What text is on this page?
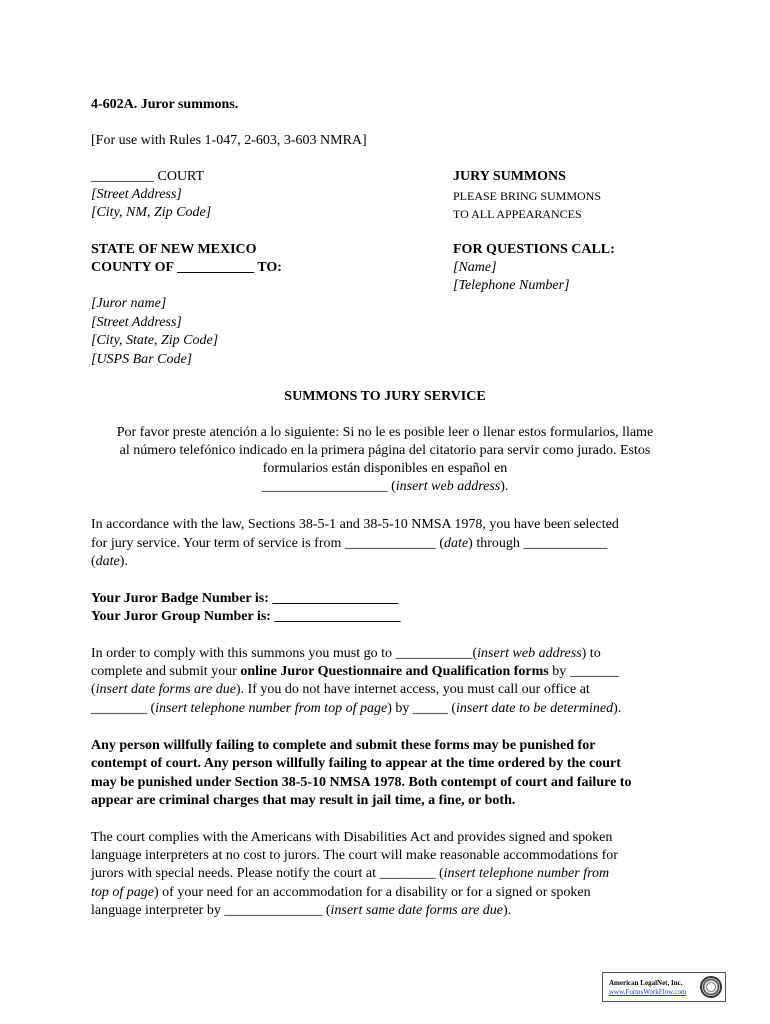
4-602A. Juror summons.
[For use with Rules 1-047, 2-603, 3-603 NMRA]
_________ COURT
[Street Address]
[City, NM, Zip Code]
JURY SUMMONS
PLEASE BRING SUMMONS
TO ALL APPEARANCES
STATE OF NEW MEXICO
COUNTY OF ___________ TO:
FOR QUESTIONS CALL:
[Name]
[Telephone Number]
[Juror name]
[Street Address]
[City, State, Zip Code]
[USPS Bar Code]
SUMMONS TO JURY SERVICE
Por favor preste atención a lo siguiente: Si no le es posible leer o llenar estos formularios, llame
al número telefónico indicado en la primera página del citatorio para servir como jurado. Estos
formularios están disponibles en español en
__________________ (insert web address).
In accordance with the law, Sections 38-5-1 and 38-5-10 NMSA 1978, you have been selected
for jury service. Your term of service is from _____________ (date) through ____________
(date).
Your Juror Badge Number is: __________________
Your Juror Group Number is: __________________
In order to comply with this summons you must go to ___________(insert web address) to
complete and submit your online Juror Questionnaire and Qualification forms by _______
(insert date forms are due). If you do not have internet access, you must call our office at
________ (insert telephone number from top of page) by _____ (insert date to be determined).
Any person willfully failing to complete and submit these forms may be punished for
contempt of court. Any person willfully failing to appear at the time ordered by the court
may be punished under Section 38-5-10 NMSA 1978. Both contempt of court and failure to
appear are criminal charges that may result in jail time, a fine, or both.
The court complies with the Americans with Disabilities Act and provides signed and spoken
language interpreters at no cost to jurors. The court will make reasonable accommodations for
jurors with special needs. Please notify the court at ________ (insert telephone number from
top of page) of your need for an accommodation for a disability or for a signed or spoken
language interpreter by ______________ (insert same date forms are due).
American LegalNet, Inc.
www.FormsWorkFlow.com
